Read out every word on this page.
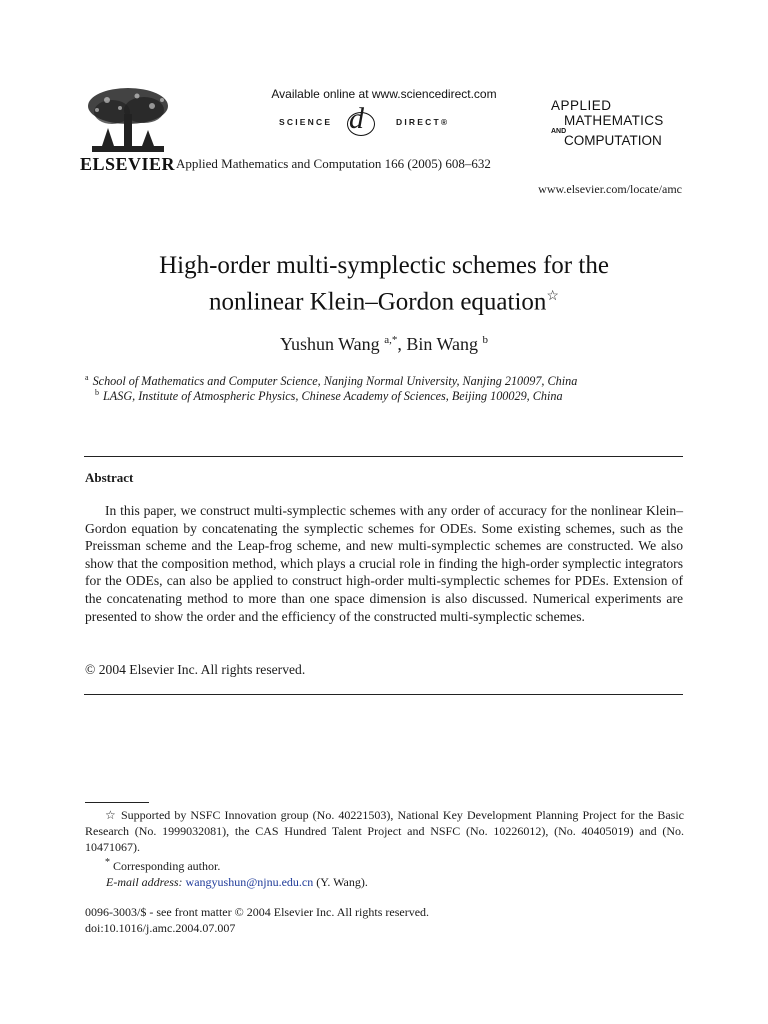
ELSEVIER
Available online at www.sciencedirect.com
SCIENCE d	DIRECT®
Applied Mathematics and Computation 166 (2005) 608–632
APPLIED
MATHEMATICS
AND
COMPUTATION
www.elsevier.com/locate/amc
High-order multi-symplectic schemes for the
nonlinear Klein–Gordon equation☆
Yushun Wang $^{a,*}$, Bin Wang $^b$
$^a$ School of Mathematics and Computer Science, Nanjing Normal University, Nanjing 210097, China
$^b$ LASG, Institute of Atmospheric Physics, Chinese Academy of Sciences, Beijing 100029, China
Abstract

In this paper, we construct multi-symplectic schemes with any order of accuracy for the nonlinear Klein–Gordon equation by concatenating the symplectic schemes for ODEs. Some existing schemes, such as the Preissman scheme and the Leap-frog scheme, and new multi-symplectic schemes are constructed. We also show that the composition method, which plays a crucial role in finding the high-order symplectic integrators for the ODEs, can also be applied to construct high-order multi-symplectic schemes for PDEs. Extension of the concatenating method to more than one space dimension is also discussed. Numerical experiments are presented to show the order and the efficiency of the constructed multi-symplectic schemes.

© 2004 Elsevier Inc. All rights reserved.

☆ Supported by NSFC Innovation group (No. 40221503), National Key Development Planning Project for the Basic Research (No. 1999032081), the CAS Hundred Talent Project and NSFC (No. 10226012), (No. 40405019) and (No. 10471067).

* Corresponding author.

E-mail address: wangyushun@njnu.edu.cn (Y. Wang).

0096-3003/$ - see front matter © 2004 Elsevier Inc. All rights reserved.
doi:10.1016/j.amc.2004.07.007
